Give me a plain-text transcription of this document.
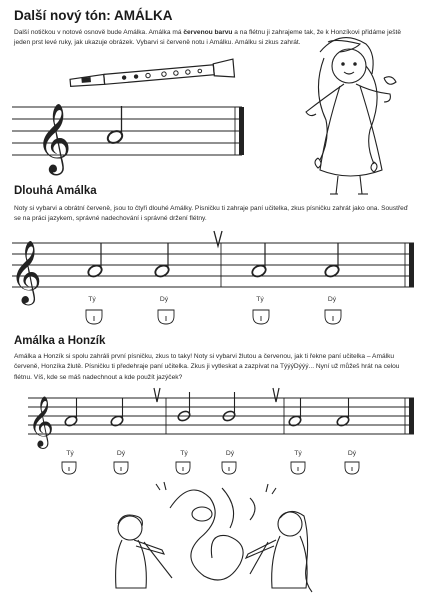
Další nový tón: AMÁLKA

Další notičkou v notové osnově bude Amálka. Amálka má červenou barvu a na flétnu ji zahrajeme tak, že k Honzíkovi přidáme ještě jeden prst levé ruky, jak ukazuje obrázek. Vybarvi si červeně notu i Amálku. Amálku si zkus zahrát.

𝄞
Dlouhá Amálka

Noty si vybarvi a obrátní červeně, jsou to čtyři dlouhé Amálky. Písničku ti zahraje paní učitelka, zkus písničku zahrát jako ona. Soustřeď se na práci jazykem, správné nadechování i správné držení flétny.

𝄞	Tý	Dý	Tý	Dý
Amálka a Honzík

Amálka a Honzík si spolu zahráli první písničku, zkus to taky! Noty si vybarvi žlutou a červenou, jak ti řekne paní učitelka – Amálku červeně, Honzíka žlutě. Písničku ti předehraje paní učitelka. Zkus ji vytleskat a zazpívat na TýýýDýýý... Nyní už můžeš hrát na celou flétnu. Víš, kde se máš nadechnout a kde použít jazýček?

𝄞
Tý	Dý	Tý	Dý	Tý	Dý
